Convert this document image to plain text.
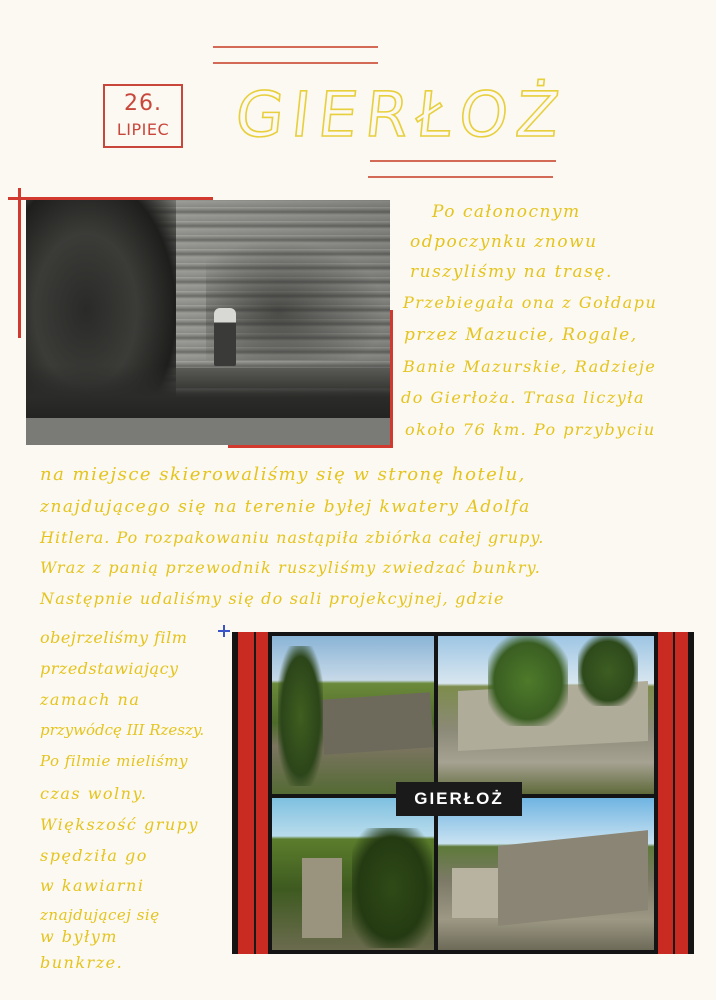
26.
LIPIEC GIERŁOŻ
Po całonocnym
odpoczynku znowu
ruszyliśmy na trasę.
Przebiegała ona z Gołdapu
przez Mazucie, Rogale,
Banie Mazurskie, Radzieje
do Gierłoża. Trasa liczyła
około 76 km. Po przybyciu
na miejsce skierowaliśmy się w stronę hotelu,
znajdującego się na terenie byłej kwatery Adolfa
Hitlera. Po rozpakowaniu nastąpiła zbiórka całej grupy.
Wraz z panią przewodnik ruszyliśmy zwiedzać bunkry.
Następnie udaliśmy się do sali projekcyjnej, gdzie
obejrzeliśmy film
przedstawiający
zamach na
przywódcę III Rzeszy.
Po filmie mieliśmy
czas wolny.
Większość grupy
spędziła go
w kawiarni
znajdującej się
w byłym
bunkrze.
GIERŁOŻ
